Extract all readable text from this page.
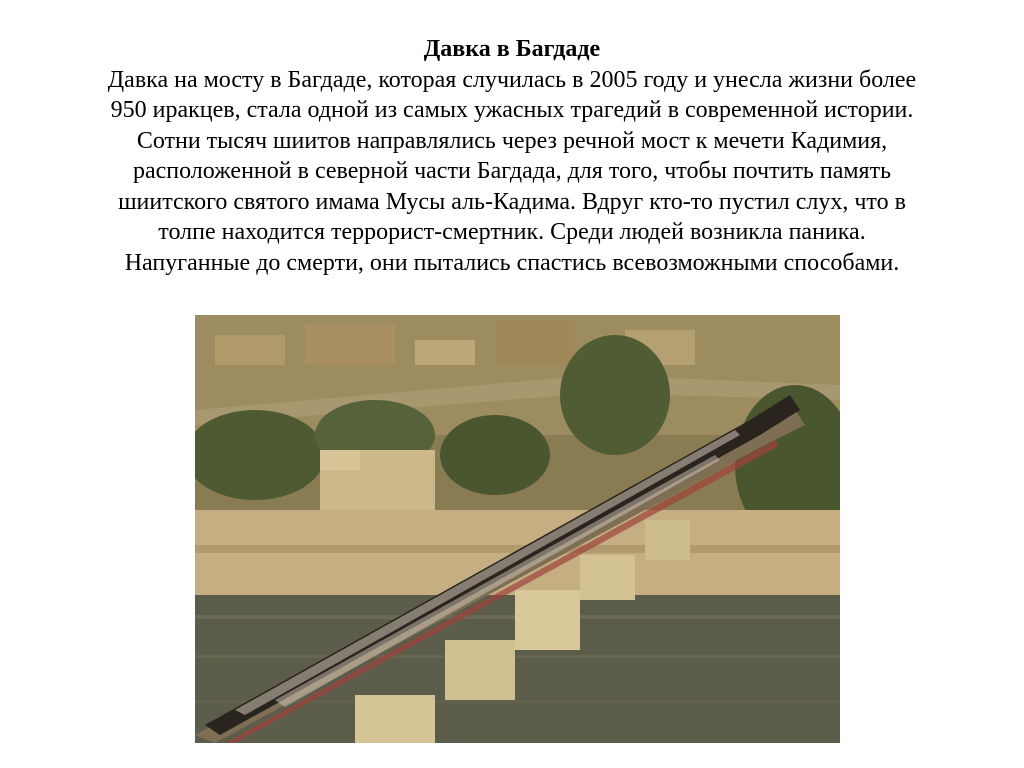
Давка в Багдаде
Давка на мосту в Багдаде, которая случилась в 2005 году и унесла жизни более
950 иракцев, стала одной из самых ужасных трагедий в современной истории.
Сотни тысяч шиитов направлялись через речной мост к мечети Кадимия,
расположенной в северной части Багдада, для того, чтобы почтить память
шиитского святого имама Мусы аль-Кадима. Вдруг кто-то пустил слух, что в
толпе находится террорист-смертник. Среди людей возникла паника.
Напуганные до смерти, они пытались спастись всевозможными способами.
